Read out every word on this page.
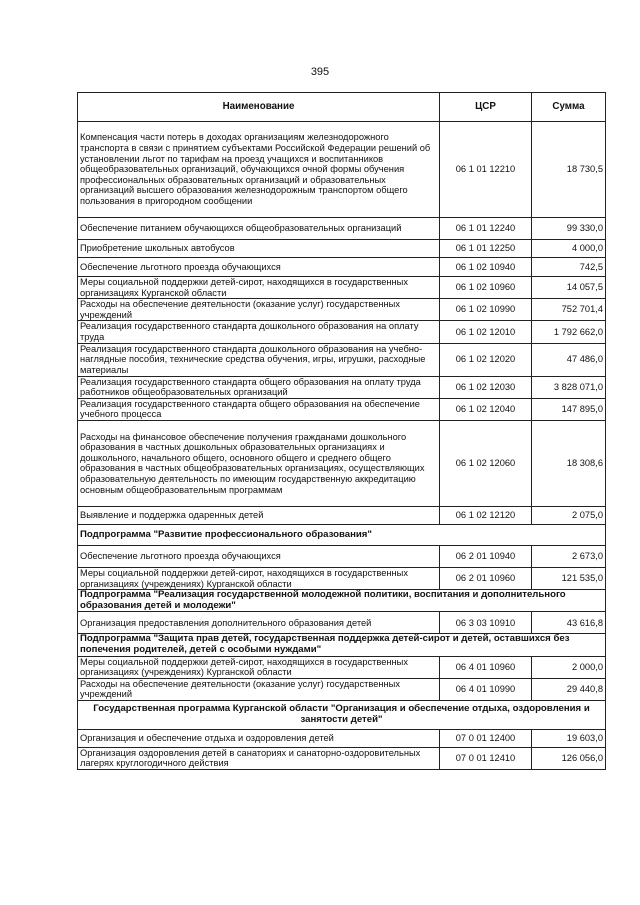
395
Наименование	ЦСР	Сумма
Компенсация части потерь в доходах организациям железнодорожного транспорта в связи с принятием субъектами Российской Федерации решений об установлении льгот по тарифам на проезд учащихся и воспитанников общеобразовательных организаций, обучающихся очной формы обучения профессиональных образовательных организаций и образовательных организаций высшего образования железнодорожным транспортом общего пользования в пригородном сообщении	06 1 01 12210	18 730,5
Обеспечение питанием обучающихся общеобразовательных организаций	06 1 01 12240	99 330,0
Приобретение школьных автобусов	06 1 01 12250	4 000,0
Обеспечение льготного проезда обучающихся	06 1 02 10940	742,5
Меры социальной поддержки детей-сирот, находящихся в государственных организациях Курганской области	06 1 02 10960	14 057,5
Расходы на обеспечение деятельности (оказание услуг) государственных учреждений	06 1 02 10990	752 701,4
Реализация государственного стандарта дошкольного образования на оплату труда	06 1 02 12010	1 792 662,0
Реализация государственного стандарта дошкольного образования на учебно-наглядные пособия, технические средства обучения, игры, игрушки, расходные материалы	06 1 02 12020	47 486,0
Реализация государственного стандарта общего образования на оплату труда работников общеобразовательных организаций	06 1 02 12030	3 828 071,0
Реализация государственного стандарта общего образования на обеспечение учебного процесса	06 1 02 12040	147 895,0
Расходы на финансовое обеспечение получения гражданами дошкольного образования в частных дошкольных образовательных организациях и дошкольного, начального общего, основного общего и среднего общего образования в частных общеобразовательных организациях, осуществляющих образовательную деятельность по имеющим государственную аккредитацию основным общеобразовательным программам	06 1 02 12060	18 308,6
Выявление и поддержка одаренных детей	06 1 02 12120	2 075,0
Подпрограмма "Развитие профессионального образования"		
Обеспечение льготного проезда обучающихся	06 2 01 10940	2 673,0
Меры социальной поддержки детей-сирот, находящихся в государственных организациях (учреждениях) Курганской области	06 2 01 10960	121 535,0
Подпрограмма "Реализация государственной молодежной политики, воспитания и дополнительного образования детей и молодежи"		
Организация предоставления дополнительного образования детей	06 3 03 10910	43 616,8
Подпрограмма "Защита прав детей, государственная поддержка детей-сирот и детей, оставшихся без попечения родителей, детей с особыми нуждами"		
Меры социальной поддержки детей-сирот, находящихся в государственных организациях (учреждениях) Курганской области	06 4 01 10960	2 000,0
Расходы на обеспечение деятельности (оказание услуг) государственных учреждений	06 4 01 10990	29 440,8
Государственная программа Курганской области "Организация и обеспечение отдыха, оздоровления и занятости детей"		
Организация и обеспечение отдыха и оздоровления детей	07 0 01 12400	19 603,0
Организация оздоровления детей в санаториях и санаторно-оздоровительных лагерях круглогодичного действия	07 0 01 12410	126 056,0
